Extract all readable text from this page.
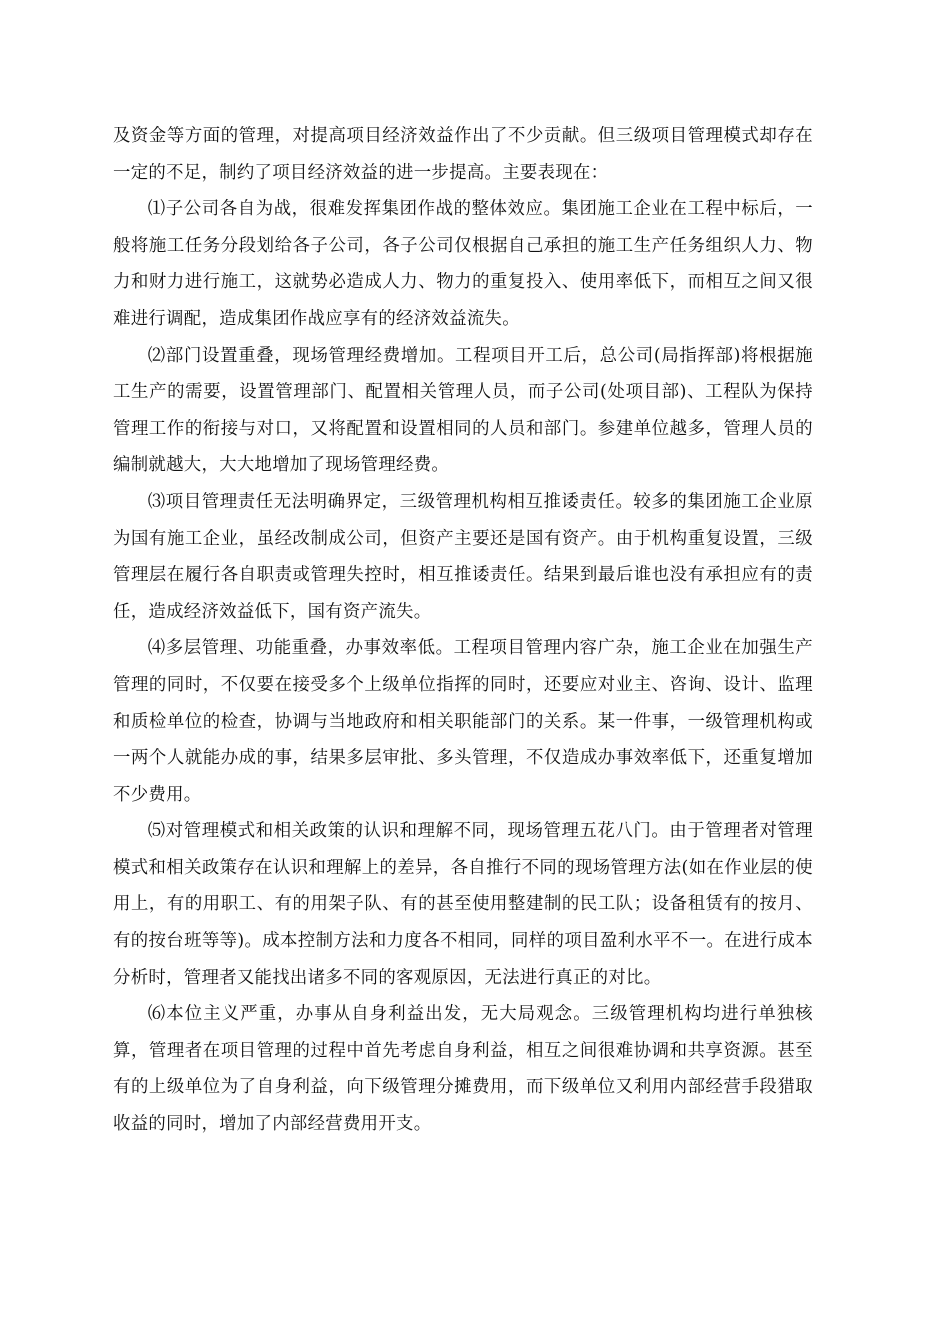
及资金等方面的管理，对提高项目经济效益作出了不少贡献。但三级项目管理模式却存在一定的不足，制约了项目经济效益的进一步提高。主要表现在：

⑴子公司各自为战，很难发挥集团作战的整体效应。集团施工企业在工程中标后，一般将施工任务分段划给各子公司，各子公司仅根据自己承担的施工生产任务组织人力、物力和财力进行施工，这就势必造成人力、物力的重复投入、使用率低下，而相互之间又很难进行调配，造成集团作战应享有的经济效益流失。

⑵部门设置重叠，现场管理经费增加。工程项目开工后，总公司(局指挥部)将根据施工生产的需要，设置管理部门、配置相关管理人员，而子公司(处项目部)、工程队为保持管理工作的衔接与对口，又将配置和设置相同的人员和部门。参建单位越多，管理人员的编制就越大，大大地增加了现场管理经费。

⑶项目管理责任无法明确界定，三级管理机构相互推诿责任。较多的集团施工企业原为国有施工企业，虽经改制成公司，但资产主要还是国有资产。由于机构重复设置，三级管理层在履行各自职责或管理失控时，相互推诿责任。结果到最后谁也没有承担应有的责任，造成经济效益低下，国有资产流失。

⑷多层管理、功能重叠，办事效率低。工程项目管理内容广杂，施工企业在加强生产管理的同时，不仅要在接受多个上级单位指挥的同时，还要应对业主、咨询、设计、监理和质检单位的检查，协调与当地政府和相关职能部门的关系。某一件事，一级管理机构或一两个人就能办成的事，结果多层审批、多头管理，不仅造成办事效率低下，还重复增加不少费用。

⑸对管理模式和相关政策的认识和理解不同，现场管理五花八门。由于管理者对管理模式和相关政策存在认识和理解上的差异，各自推行不同的现场管理方法(如在作业层的使用上，有的用职工、有的用架子队、有的甚至使用整建制的民工队；设备租赁有的按月、有的按台班等等)。成本控制方法和力度各不相同，同样的项目盈利水平不一。在进行成本分析时，管理者又能找出诸多不同的客观原因，无法进行真正的对比。

⑹本位主义严重，办事从自身利益出发，无大局观念。三级管理机构均进行单独核算，管理者在项目管理的过程中首先考虑自身利益，相互之间很难协调和共享资源。甚至有的上级单位为了自身利益，向下级管理分摊费用，而下级单位又利用内部经营手段猎取收益的同时，增加了内部经营费用开支。
